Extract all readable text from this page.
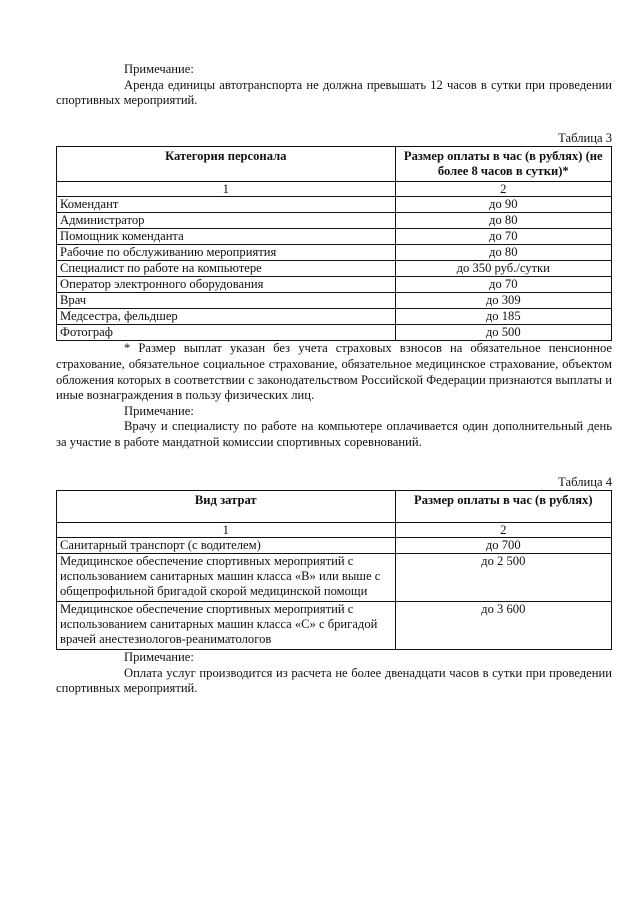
Примечание:

Аренда единицы автотранспорта не должна превышать 12 часов в сутки при проведении спортивных мероприятий.

Таблица 3

Категория персонала	Размер оплаты в час (в рублях) (не более 8 часов в сутки)*
1	2
Комендант	до 90
Администратор	до 80
Помощник коменданта	до 70
Рабочие по обслуживанию мероприятия	до 80
Специалист по работе на компьютере	до 350 руб./сутки
Оператор электронного оборудования	до 70
Врач	до 309
Медсестра, фельдшер	до 185
Фотограф	до 500

* Размер выплат указан без учета страховых взносов на обязательное пенсионное страхование, обязательное социальное страхование, обязательное медицинское страхование, объектом обложения которых в соответствии с законодательством Российской Федерации признаются выплаты и иные вознаграждения в пользу физических лиц.

Примечание:

Врачу и специалисту по работе на компьютере оплачивается один дополнительный день за участие в работе мандатной комиссии спортивных соревнований.

Таблица 4

Вид затрат	Размер оплаты в час (в рублях)
1	2
Санитарный транспорт (с водителем)	до 700
Медицинское обеспечение спортивных мероприятий с использованием санитарных машин класса «В» или выше с общепрофильной бригадой скорой медицинской помощи	до 2 500
Медицинское обеспечение спортивных мероприятий с использованием санитарных машин класса «С» с бригадой врачей анестезиологов-реаниматологов	до 3 600

Примечание:

Оплата услуг производится из расчета не более двенадцати часов в сутки при проведении спортивных мероприятий.
